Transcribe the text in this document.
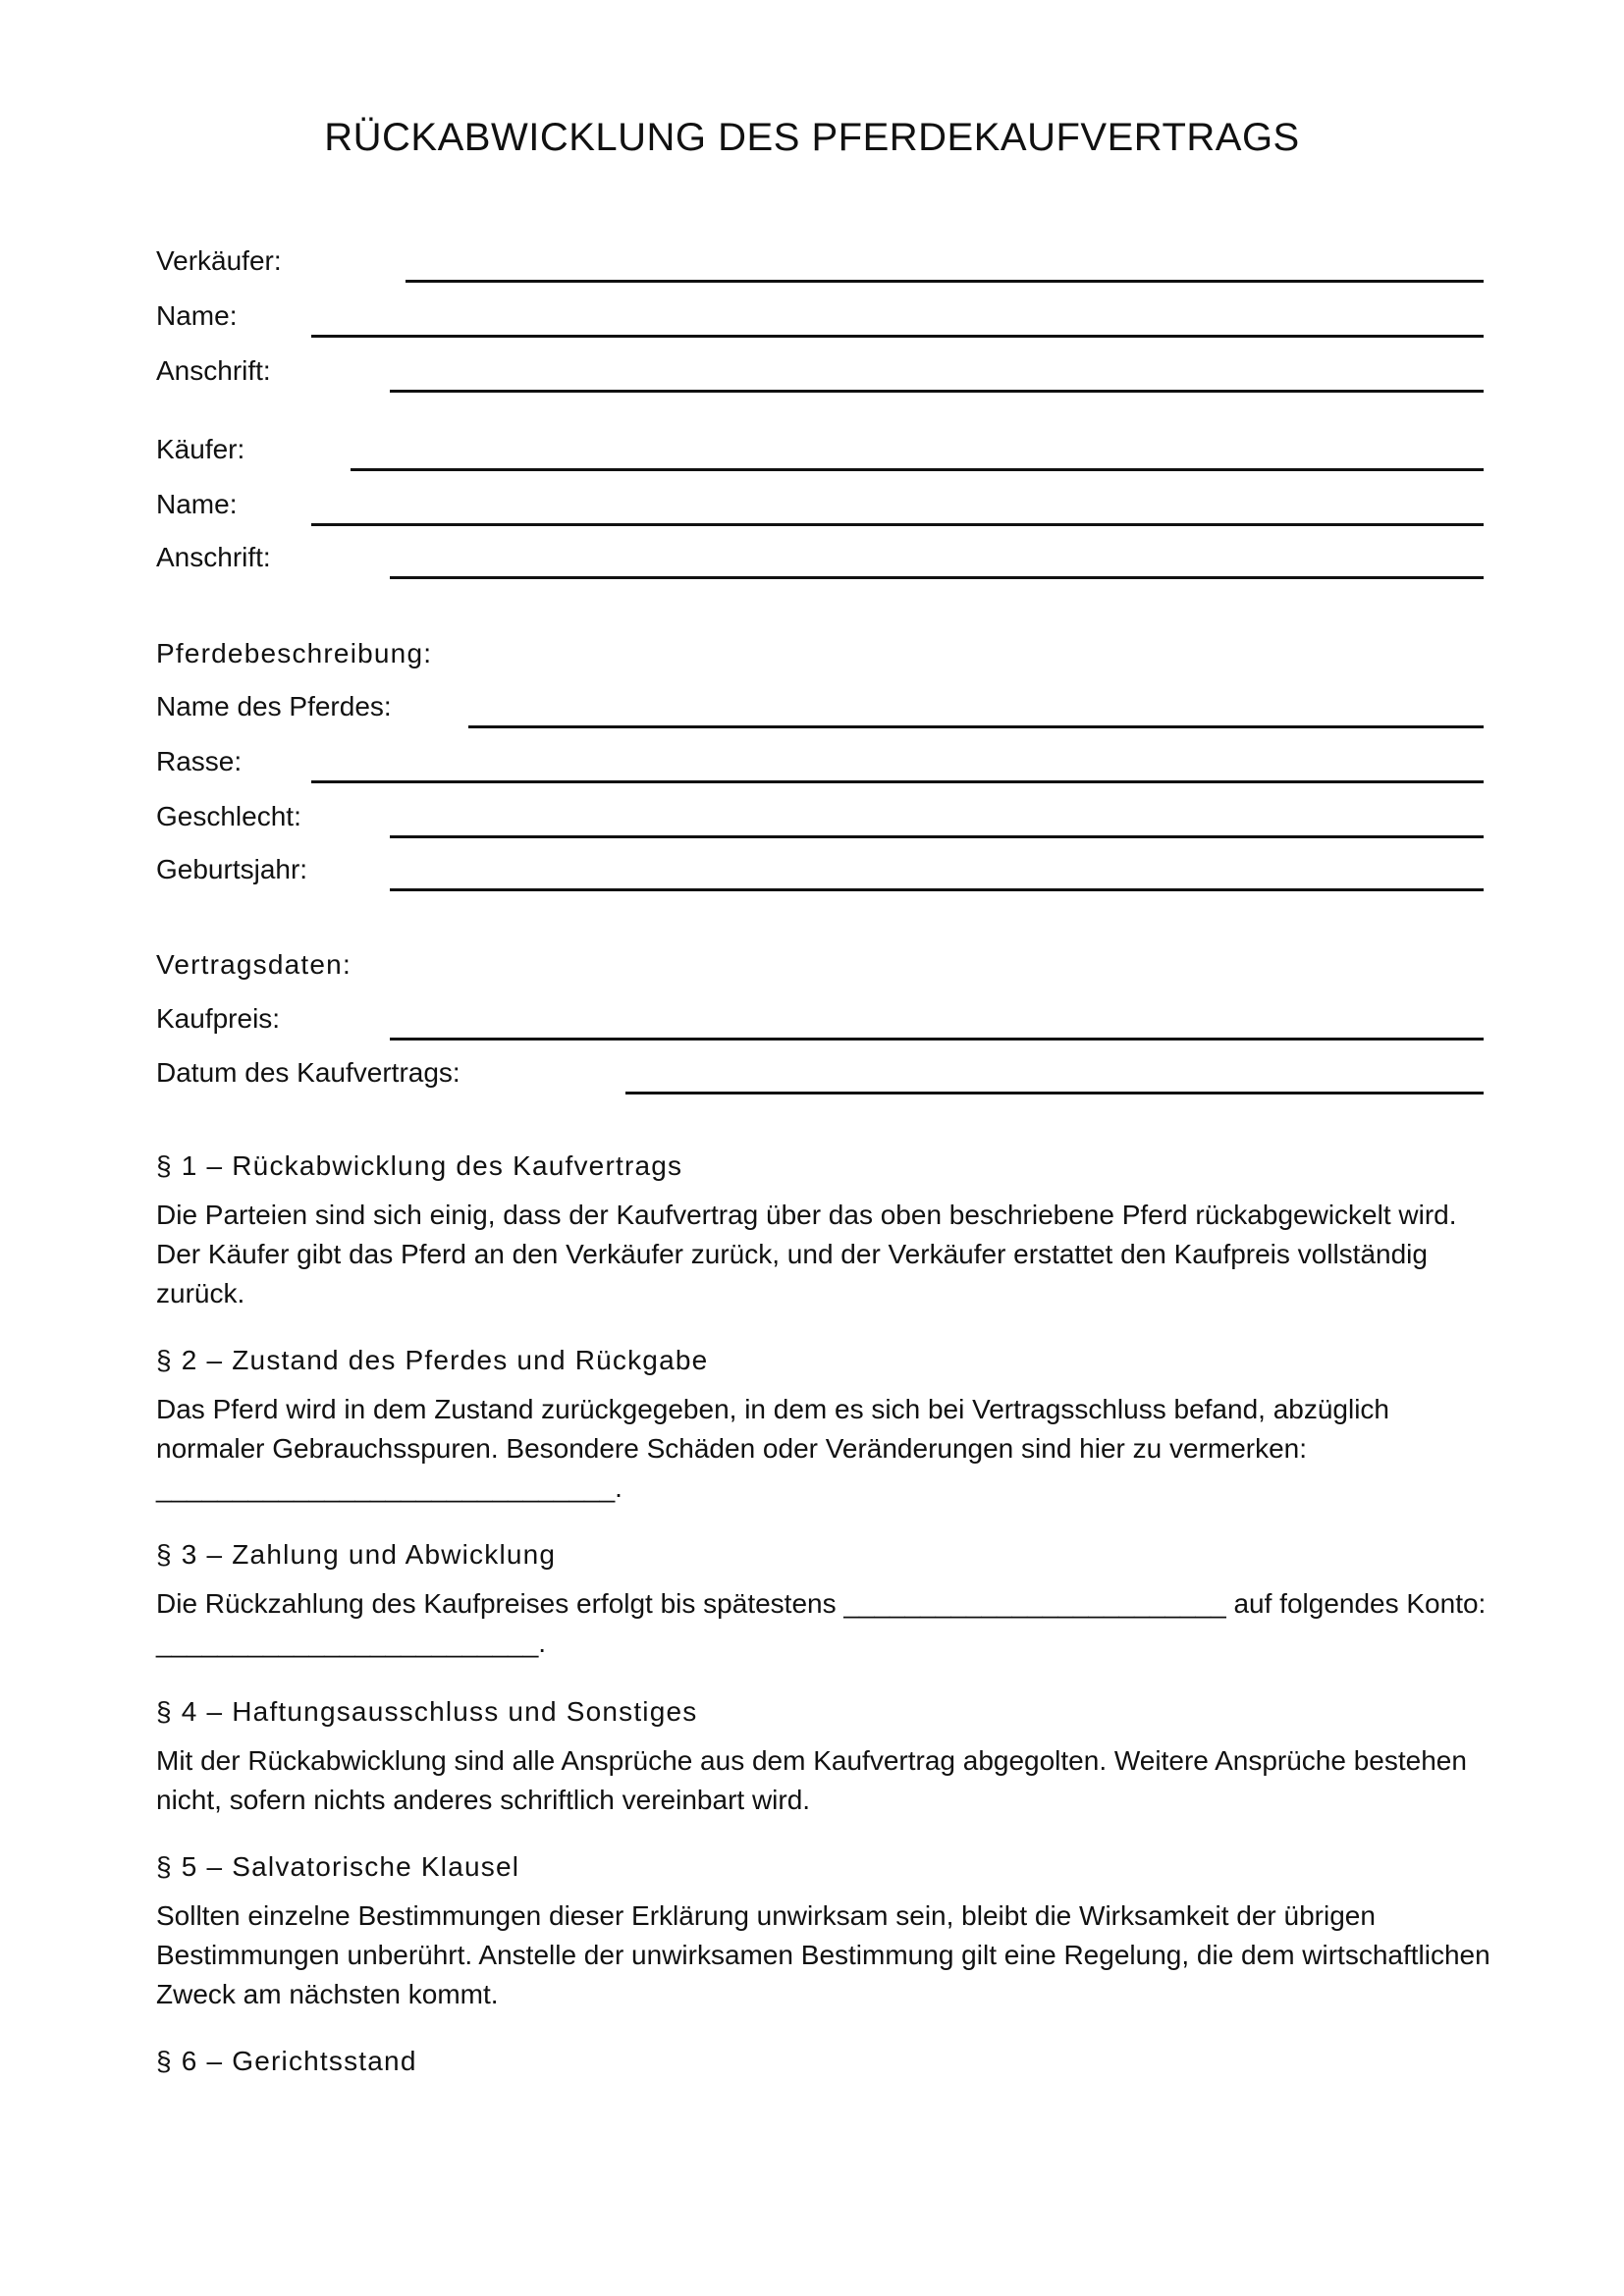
RÜCKABWICKLUNG DES PFERDEKAUFVERTRAGS
Verkäufer:
Name:
Anschrift:
Käufer:
Name:
Anschrift:
Pferdebeschreibung:
Name des Pferdes:
Rasse:
Geschlecht:
Geburtsjahr:
Vertragsdaten:
Kaufpreis:
Datum des Kaufvertrags:
§ 1 – Rückabwicklung des Kaufvertrags

Die Parteien sind sich einig, dass der Kaufvertrag über das oben beschriebene Pferd rückabgewickelt wird. Der Käufer gibt das Pferd an den Verkäufer zurück, und der Verkäufer erstattet den Kaufpreis vollständig zurück.

§ 2 – Zustand des Pferdes und Rückgabe

Das Pferd wird in dem Zustand zurückgegeben, in dem es sich bei Vertragsschluss befand, abzüglich normaler Gebrauchsspuren. Besondere Schäden oder Veränderungen sind hier zu vermerken: ______________________________.

§ 3 – Zahlung und Abwicklung

Die Rückzahlung des Kaufpreises erfolgt bis spätestens _________________________ auf folgendes Konto: _________________________.

§ 4 – Haftungsausschluss und Sonstiges

Mit der Rückabwicklung sind alle Ansprüche aus dem Kaufvertrag abgegolten. Weitere Ansprüche bestehen nicht, sofern nichts anderes schriftlich vereinbart wird.

§ 5 – Salvatorische Klausel

Sollten einzelne Bestimmungen dieser Erklärung unwirksam sein, bleibt die Wirksamkeit der übrigen Bestimmungen unberührt. Anstelle der unwirksamen Bestimmung gilt eine Regelung, die dem wirtschaftlichen Zweck am nächsten kommt.

§ 6 – Gerichtsstand
